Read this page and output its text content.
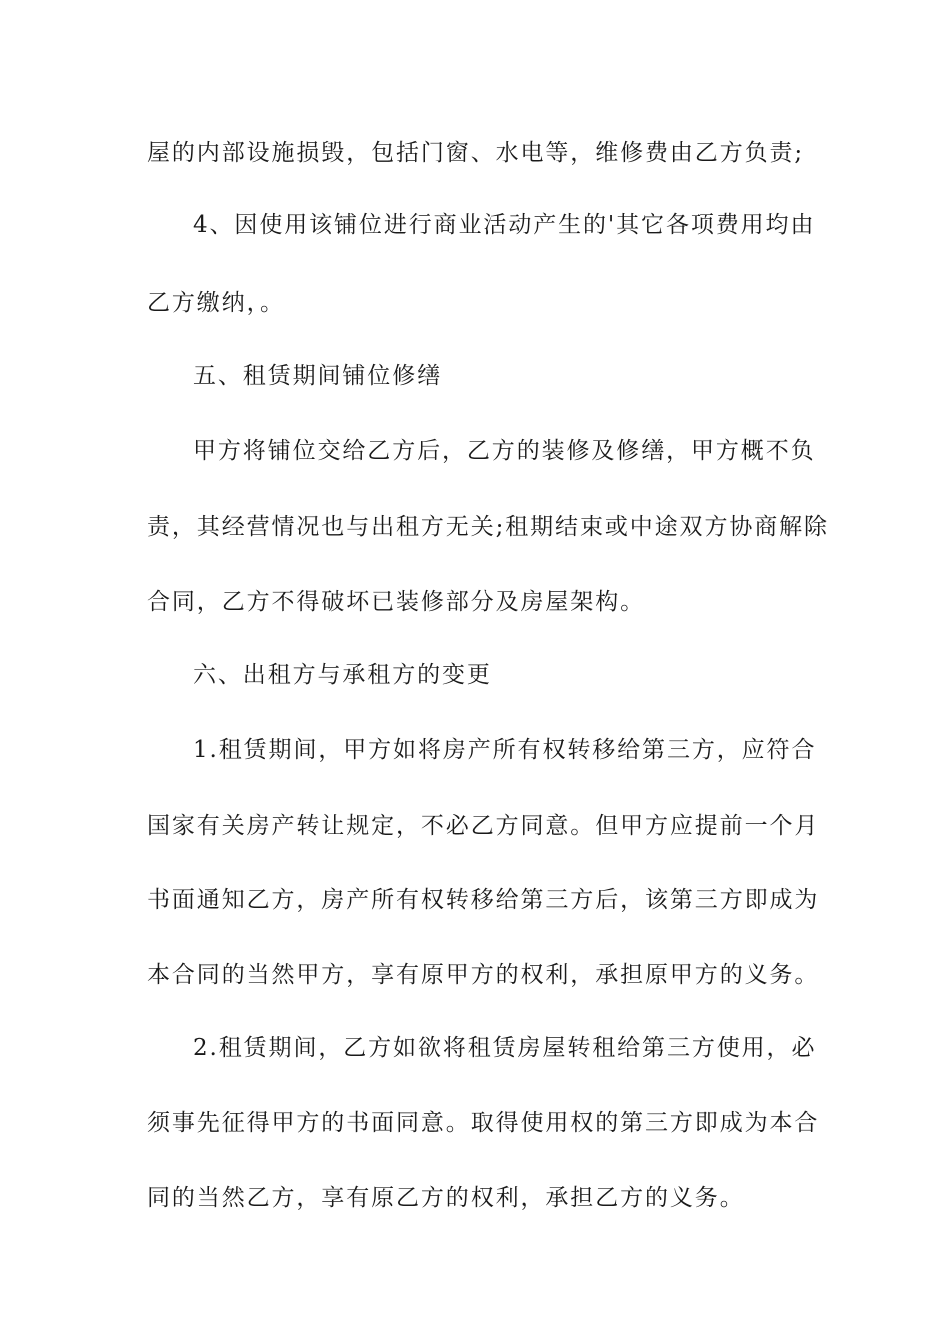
屋的内部设施损毁，包括门窗、水电等，维修费由乙方负责;
4、因使用该铺位进行商业活动产生的'其它各项费用均由
乙方缴纳，。
五、租赁期间铺位修缮
甲方将铺位交给乙方后，乙方的装修及修缮，甲方概不负
责，其经营情况也与出租方无关;租期结束或中途双方协商解除
合同，乙方不得破坏已装修部分及房屋架构。
六、出租方与承租方的变更
1.租赁期间，甲方如将房产所有权转移给第三方，应符合
国家有关房产转让规定，不必乙方同意。但甲方应提前一个月
书面通知乙方，房产所有权转移给第三方后，该第三方即成为
本合同的当然甲方，享有原甲方的权利，承担原甲方的义务。
2.租赁期间，乙方如欲将租赁房屋转租给第三方使用，必
须事先征得甲方的书面同意。取得使用权的第三方即成为本合
同的当然乙方，享有原乙方的权利，承担乙方的义务。
